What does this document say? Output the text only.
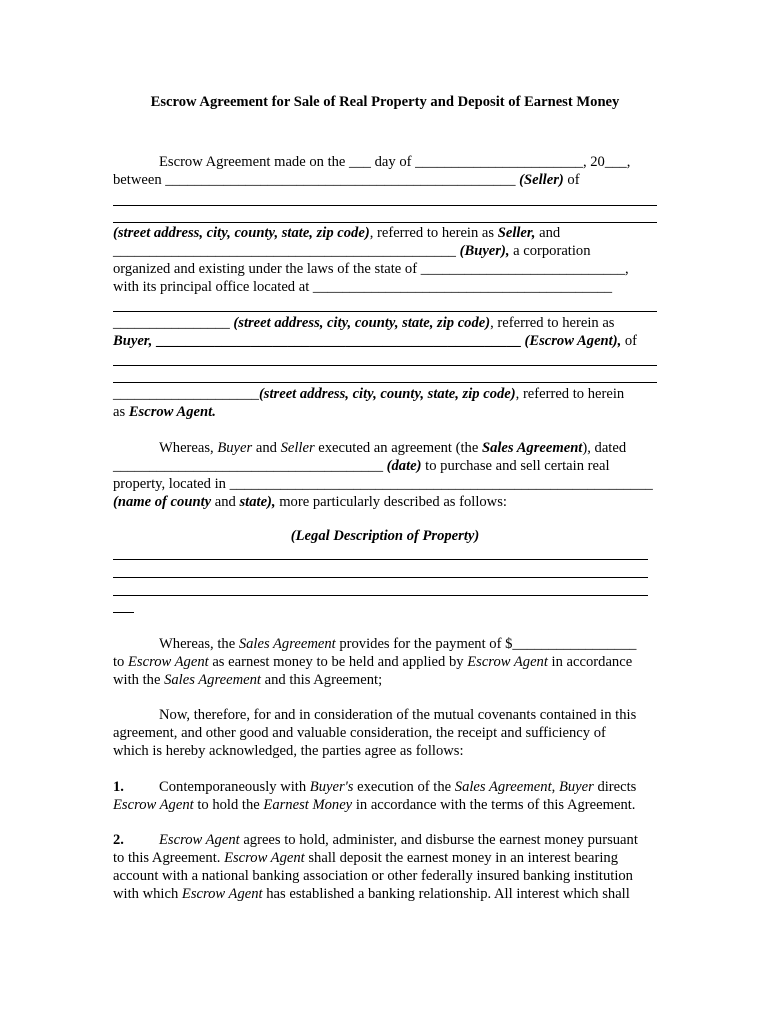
Escrow Agreement for Sale of Real Property and Deposit of Earnest Money
Escrow Agreement made on the ___ day of _______________________, 20___,
between ________________________________________________ (Seller) of
(street address, city, county, state, zip code), referred to herein as Seller, and
_______________________________________________ (Buyer), a corporation
organized and existing under the laws of the state of ____________________________,
with its principal office located at _________________________________________
________________ (street address, city, county, state, zip code), referred to herein as
Buyer, __________________________________________________ (Escrow Agent), of
____________________(street address, city, county, state, zip code), referred to herein
as Escrow Agent.
Whereas, Buyer and Seller executed an agreement (the Sales Agreement), dated
_____________________________________ (date) to purchase and sell certain real
property, located in __________________________________________________________
(name of county and state), more particularly described as follows:
(Legal Description of Property)
Whereas, the Sales Agreement provides for the payment of $_________________
to Escrow Agent as earnest money to be held and applied by Escrow Agent in accordance
with the Sales Agreement and this Agreement;
Now, therefore, for and in consideration of the mutual covenants contained in this
agreement, and other good and valuable consideration, the receipt and sufficiency of
which is hereby acknowledged, the parties agree as follows:
1. Contemporaneously with Buyer's execution of the Sales Agreement, Buyer directs
Escrow Agent to hold the Earnest Money in accordance with the terms of this Agreement.
2. Escrow Agent agrees to hold, administer, and disburse the earnest money pursuant
to this Agreement. Escrow Agent shall deposit the earnest money in an interest bearing
account with a national banking association or other federally insured banking institution
with which Escrow Agent has established a banking relationship. All interest which shall
